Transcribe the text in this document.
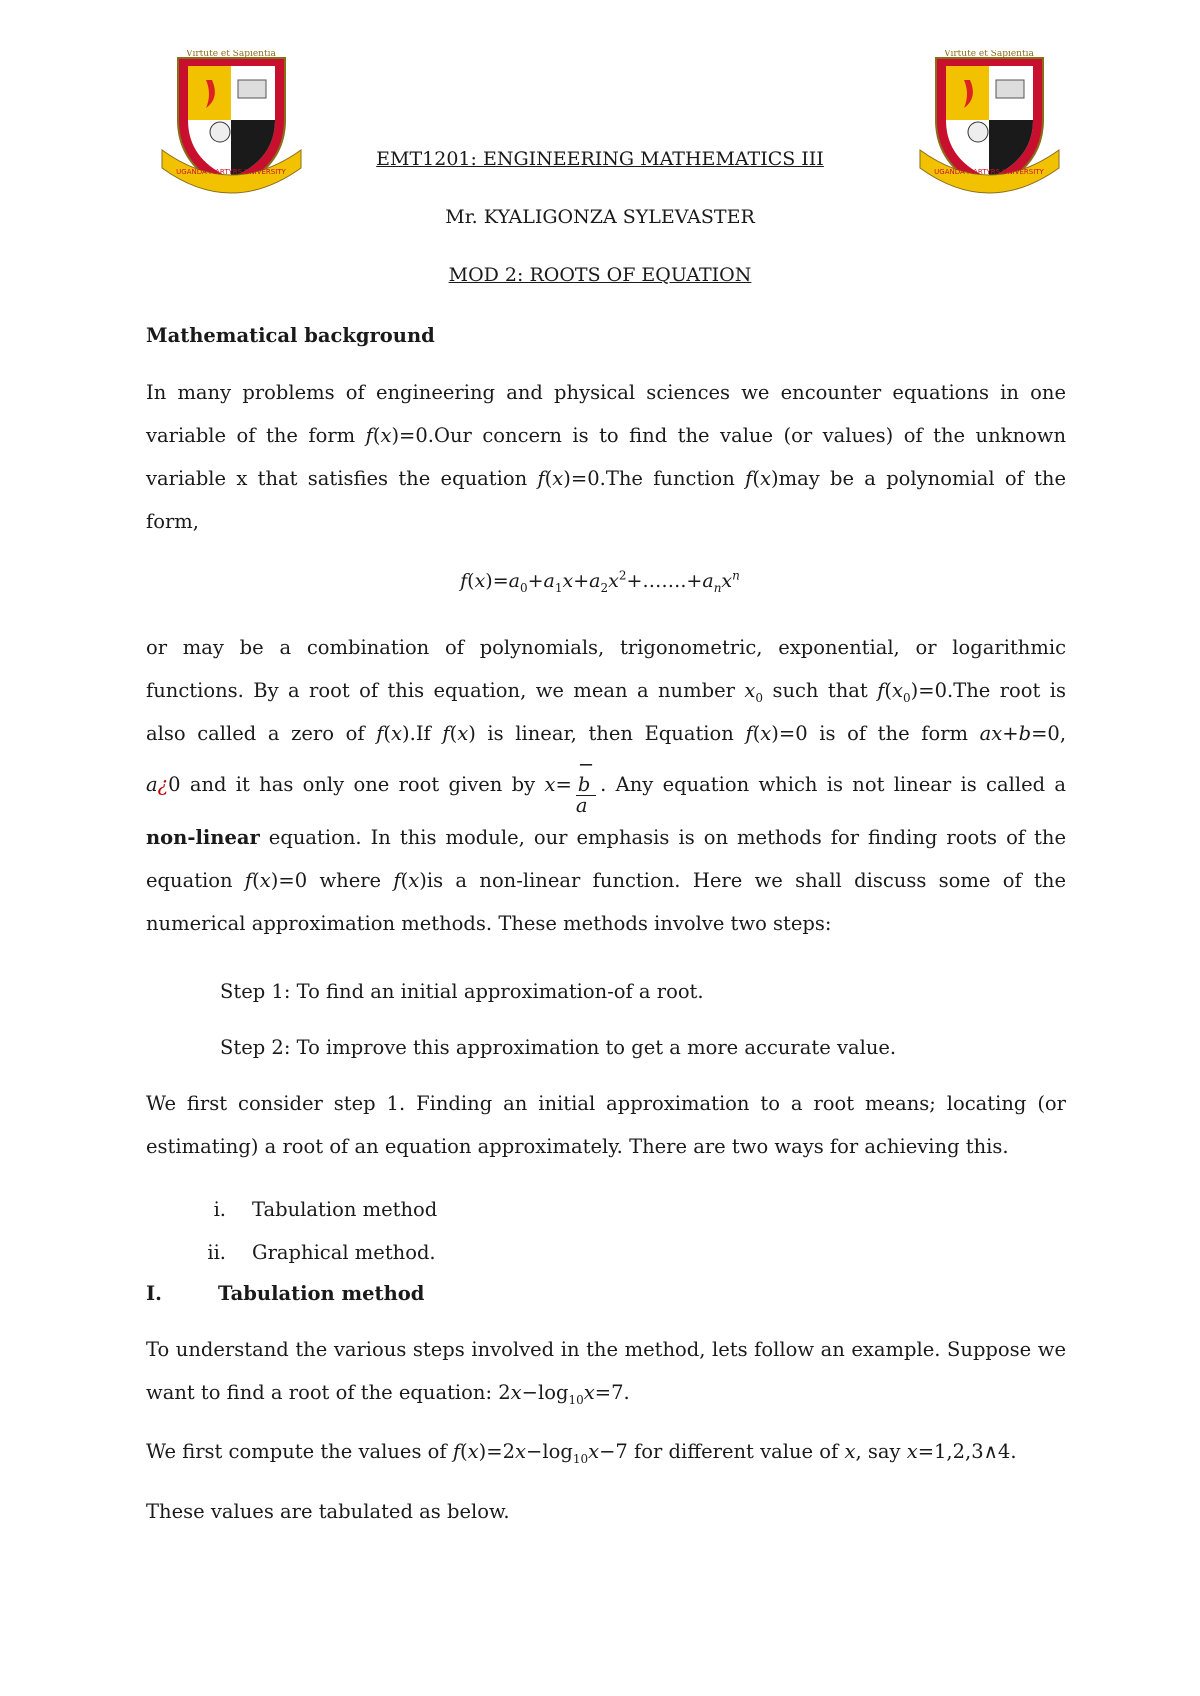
Virtute et Sapientia
UGANDA MARTYRS UNIVERSITY
Virtute et Sapientia
UGANDA MARTYRS UNIVERSITY
EMT1201: ENGINEERING MATHEMATICS III
Mr. KYALIGONZA SYLEVASTER
MOD 2: ROOTS OF EQUATION
Mathematical background
In many problems of engineering and physical sciences we encounter equations in one
variable of the form f(x)=0.Our concern is to find the value (or values) of the unknown
variable x that satisfies the equation f(x)=0.The function f(x)may be a polynomial of the
form,
$f(x)=a_0+a_1x+a_2x^2+\dots\dots.+a_nx^n$
or may be a combination of polynomials, trigonometric, exponential, or logarithmic
functions. By a root of this equation, we mean a number $x_0$ such that $f(x_0)=0.The$ root is
also called a zero of f(x).If f(x) is linear, then Equation f(x)=0 is of the form ax+b=0,
a¿0 and it has only one root given by x= −
b
a . Any equation which is not linear is called a
non-linear equation. In this module, our emphasis is on methods for finding roots of the
equation f(x)=0 where f(x)is a non-linear function. Here we shall discuss some of the
numerical approximation methods. These methods involve two steps:
Step 1: To find an initial approximation-of a root.
Step 2: To improve this approximation to get a more accurate value.
We first consider step 1. Finding an initial approximation to a root means; locating (or
estimating) a root of an equation approximately. There are two ways for achieving this.
i. Tabulation method
ii. Graphical method.
I.	Tabulation method
To understand the various steps involved in the method, lets follow an example. Suppose we
want to find a root of the equation: $2x-\log_{10}x=7$.
We first compute the values of $f(x)=2x-\log_{10}x-7$ for different value of x, say x=1,2,3∧4.
These values are tabulated as below.
